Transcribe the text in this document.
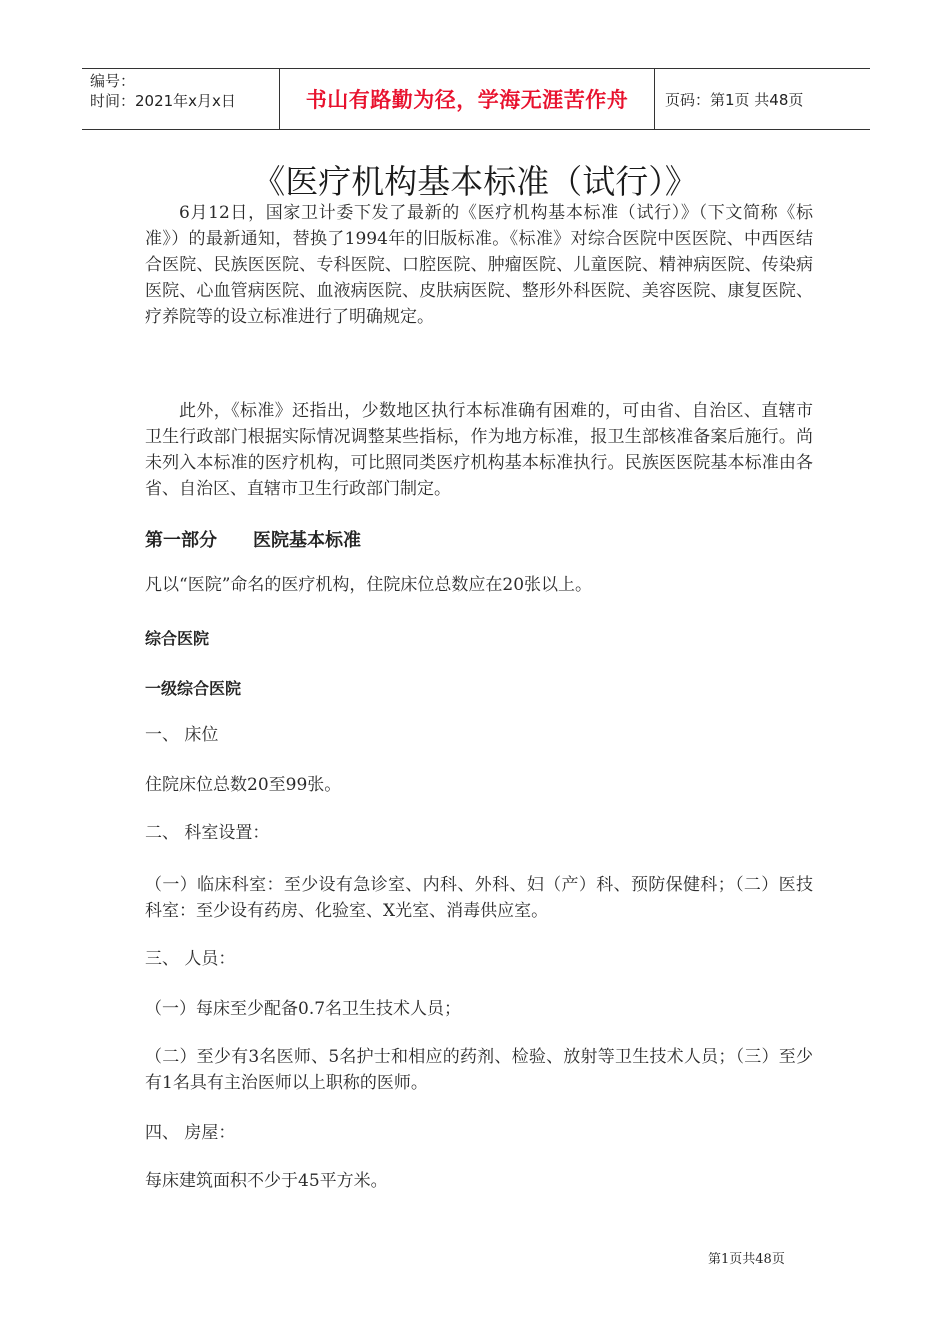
编号：
时间：2021年x月x日	书山有路勤为径，学海无涯苦作舟	页码：第1页 共48页
《医疗机构基本标准（试行）》

6月12日，国家卫计委下发了最新的《医疗机构基本标准（试行）》（下文简称《标准》）的最新通知，替换了1994年的旧版标准。《标准》对综合医院中医医院、中西医结合医院、民族医医院、专科医院、口腔医院、肿瘤医院、儿童医院、精神病医院、传染病医院、心血管病医院、血液病医院、皮肤病医院、整形外科医院、美容医院、康复医院、疗养院等的设立标准进行了明确规定。

此外，《标准》还指出，少数地区执行本标准确有困难的，可由省、自治区、直辖市卫生行政部门根据实际情况调整某些指标，作为地方标准，报卫生部核准备案后施行。尚未列入本标准的医疗机构，可比照同类医疗机构基本标准执行。民族医医院基本标准由各省、自治区、直辖市卫生行政部门制定。

第一部分　　医院基本标准

凡以“医院”命名的医疗机构，住院床位总数应在20张以上。

综合医院

一级综合医院

一、 床位

住院床位总数20至99张。

二、 科室设置：

（一）临床科室：至少设有急诊室、内科、外科、妇（产）科、预防保健科；（二）医技科室：至少设有药房、化验室、X光室、消毒供应室。

三、 人员：

（一）每床至少配备0.7名卫生技术人员；

（二）至少有3名医师、5名护士和相应的药剂、检验、放射等卫生技术人员；（三）至少有1名具有主治医师以上职称的医师。

四、 房屋：

每床建筑面积不少于45平方米。

第1页共48页
